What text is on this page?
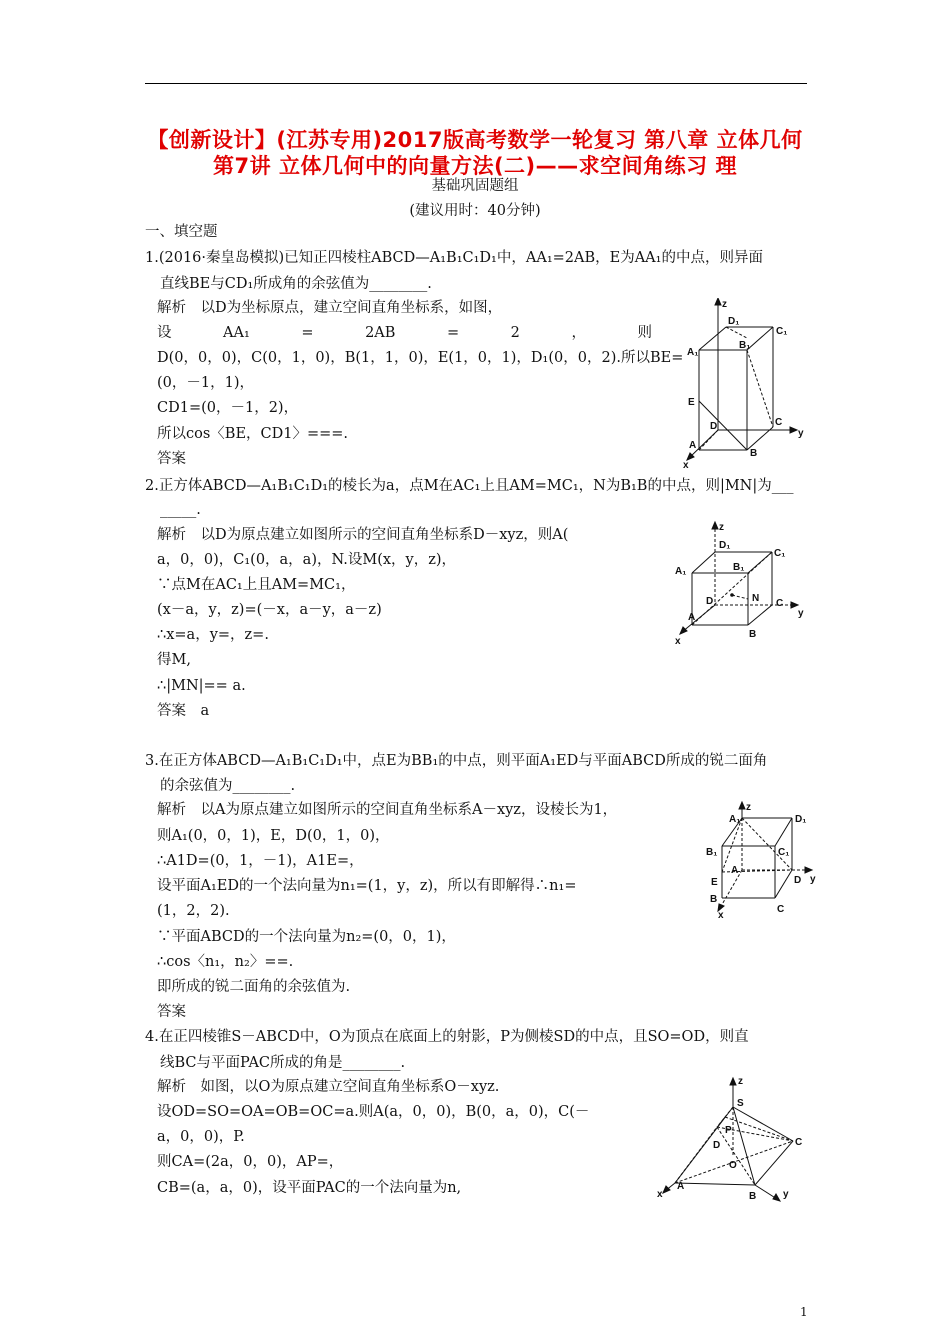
【创新设计】(江苏专用)2017版高考数学一轮复习 第八章 立体几何
第7讲 立体几何中的向量方法(二)——求空间角练习 理
基础巩固题组
(建议用时：40分钟)
一、填空题
1.(2016·秦皇岛模拟)已知正四棱柱ABCD—A₁B₁C₁D₁中，AA₁=2AB，E为AA₁的中点，则异面
直线BE与CD₁所成角的余弦值为________.
解析　以D为坐标原点，建立空间直角坐标系，如图，
设	AA₁	=	2AB	=	2	，	则
D(0，0，0)，C(0，1，0)，B(1，1，0)，E(1，0，1)，D₁(0，0，2).所以BE=
(0，－1，1)，
CD1=(0，－1，2)，
所以cos〈BE，CD1〉===.
答案
z
y
x
D₁
C₁
A₁
B₁
E
D	C
A
B
2.正方体ABCD—A₁B₁C₁D₁的棱长为a，点M在AC₁上且AM=MC₁，N为B₁B的中点，则|MN|为___
_____.
解析　以D为原点建立如图所示的空间直角坐标系D－xyz，则A(
a，0，0)，C₁(0，a，a)，N.设M(x，y，z)，
∵点M在AC₁上且AM=MC₁，
(x－a，y，z)=(－x，a－y，a－z)
∴x=a，y=，z=.
得M,
∴|MN|== a.
答案　a
z
y
x
D₁
C₁
A₁	B₁
N
D	C
A
B
3.在正方体ABCD—A₁B₁C₁D₁中，点E为BB₁的中点，则平面A₁ED与平面ABCD所成的锐二面角
的余弦值为________.
解析　以A为原点建立如图所示的空间直角坐标系A－xyz，设棱长为1，
则A₁(0，0，1)，E，D(0，1，0)，
∴A1D=(0，1，－1)，A1E=，
设平面A₁ED的一个法向量为n₁=(1，y，z)，所以有即解得∴n₁=
(1，2，2).
∵平面ABCD的一个法向量为n₂=(0，0，1)，
∴cos〈n₁，n₂〉==.
即所成的锐二面角的余弦值为.
答案
z
y
x
A₁	D₁
B₁	C₁
A
E	D
B
C
4.在正四棱锥S－ABCD中，O为顶点在底面上的射影，P为侧棱SD的中点，且SO=OD，则直
线BC与平面PAC所成的角是________.
解析　如图，以O为原点建立空间直角坐标系O－xyz.
设OD=SO=OA=OB=OC=a.则A(a，0，0)，B(0，a，0)，C(－
a，0，0)，P.
则CA=(2a，0，0)，AP=，
CB=(a，a，0)，设平面PAC的一个法向量为n,
z
S
P
D	C
O
A
B
x	y
1
